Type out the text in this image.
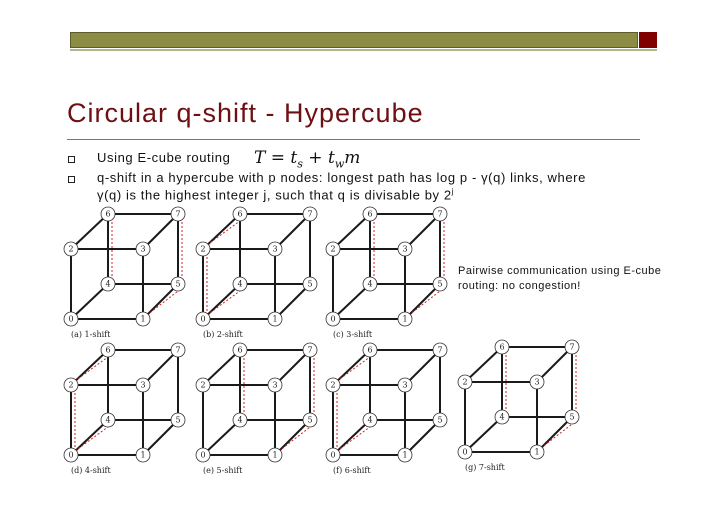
Circular q-shift - Hypercube
Using E-cube routing $T = t_s + t_wm$
q-shift in a hypercube with p nodes: longest path has log p - γ(q) links, where
γ(q) is the highest integer j, such that q is divisable by 2$^j$
Pairwise communication using E-cube routing: no congestion!
0	1
2	3
4	5
6	7
(a) 1-shift
0	1
2	3
4	5
6	7
(b) 2-shift
0	1
2	3
4	5
6	7
(c) 3-shift
0	1
2	3
4	5
6	7
(d) 4-shift
0	1
2	3
4	5
6	7
(e) 5-shift
0	1
2	3
4	5
6	7
(f) 6-shift
0	1
2	3
4	5
6	7
(g) 7-shift
